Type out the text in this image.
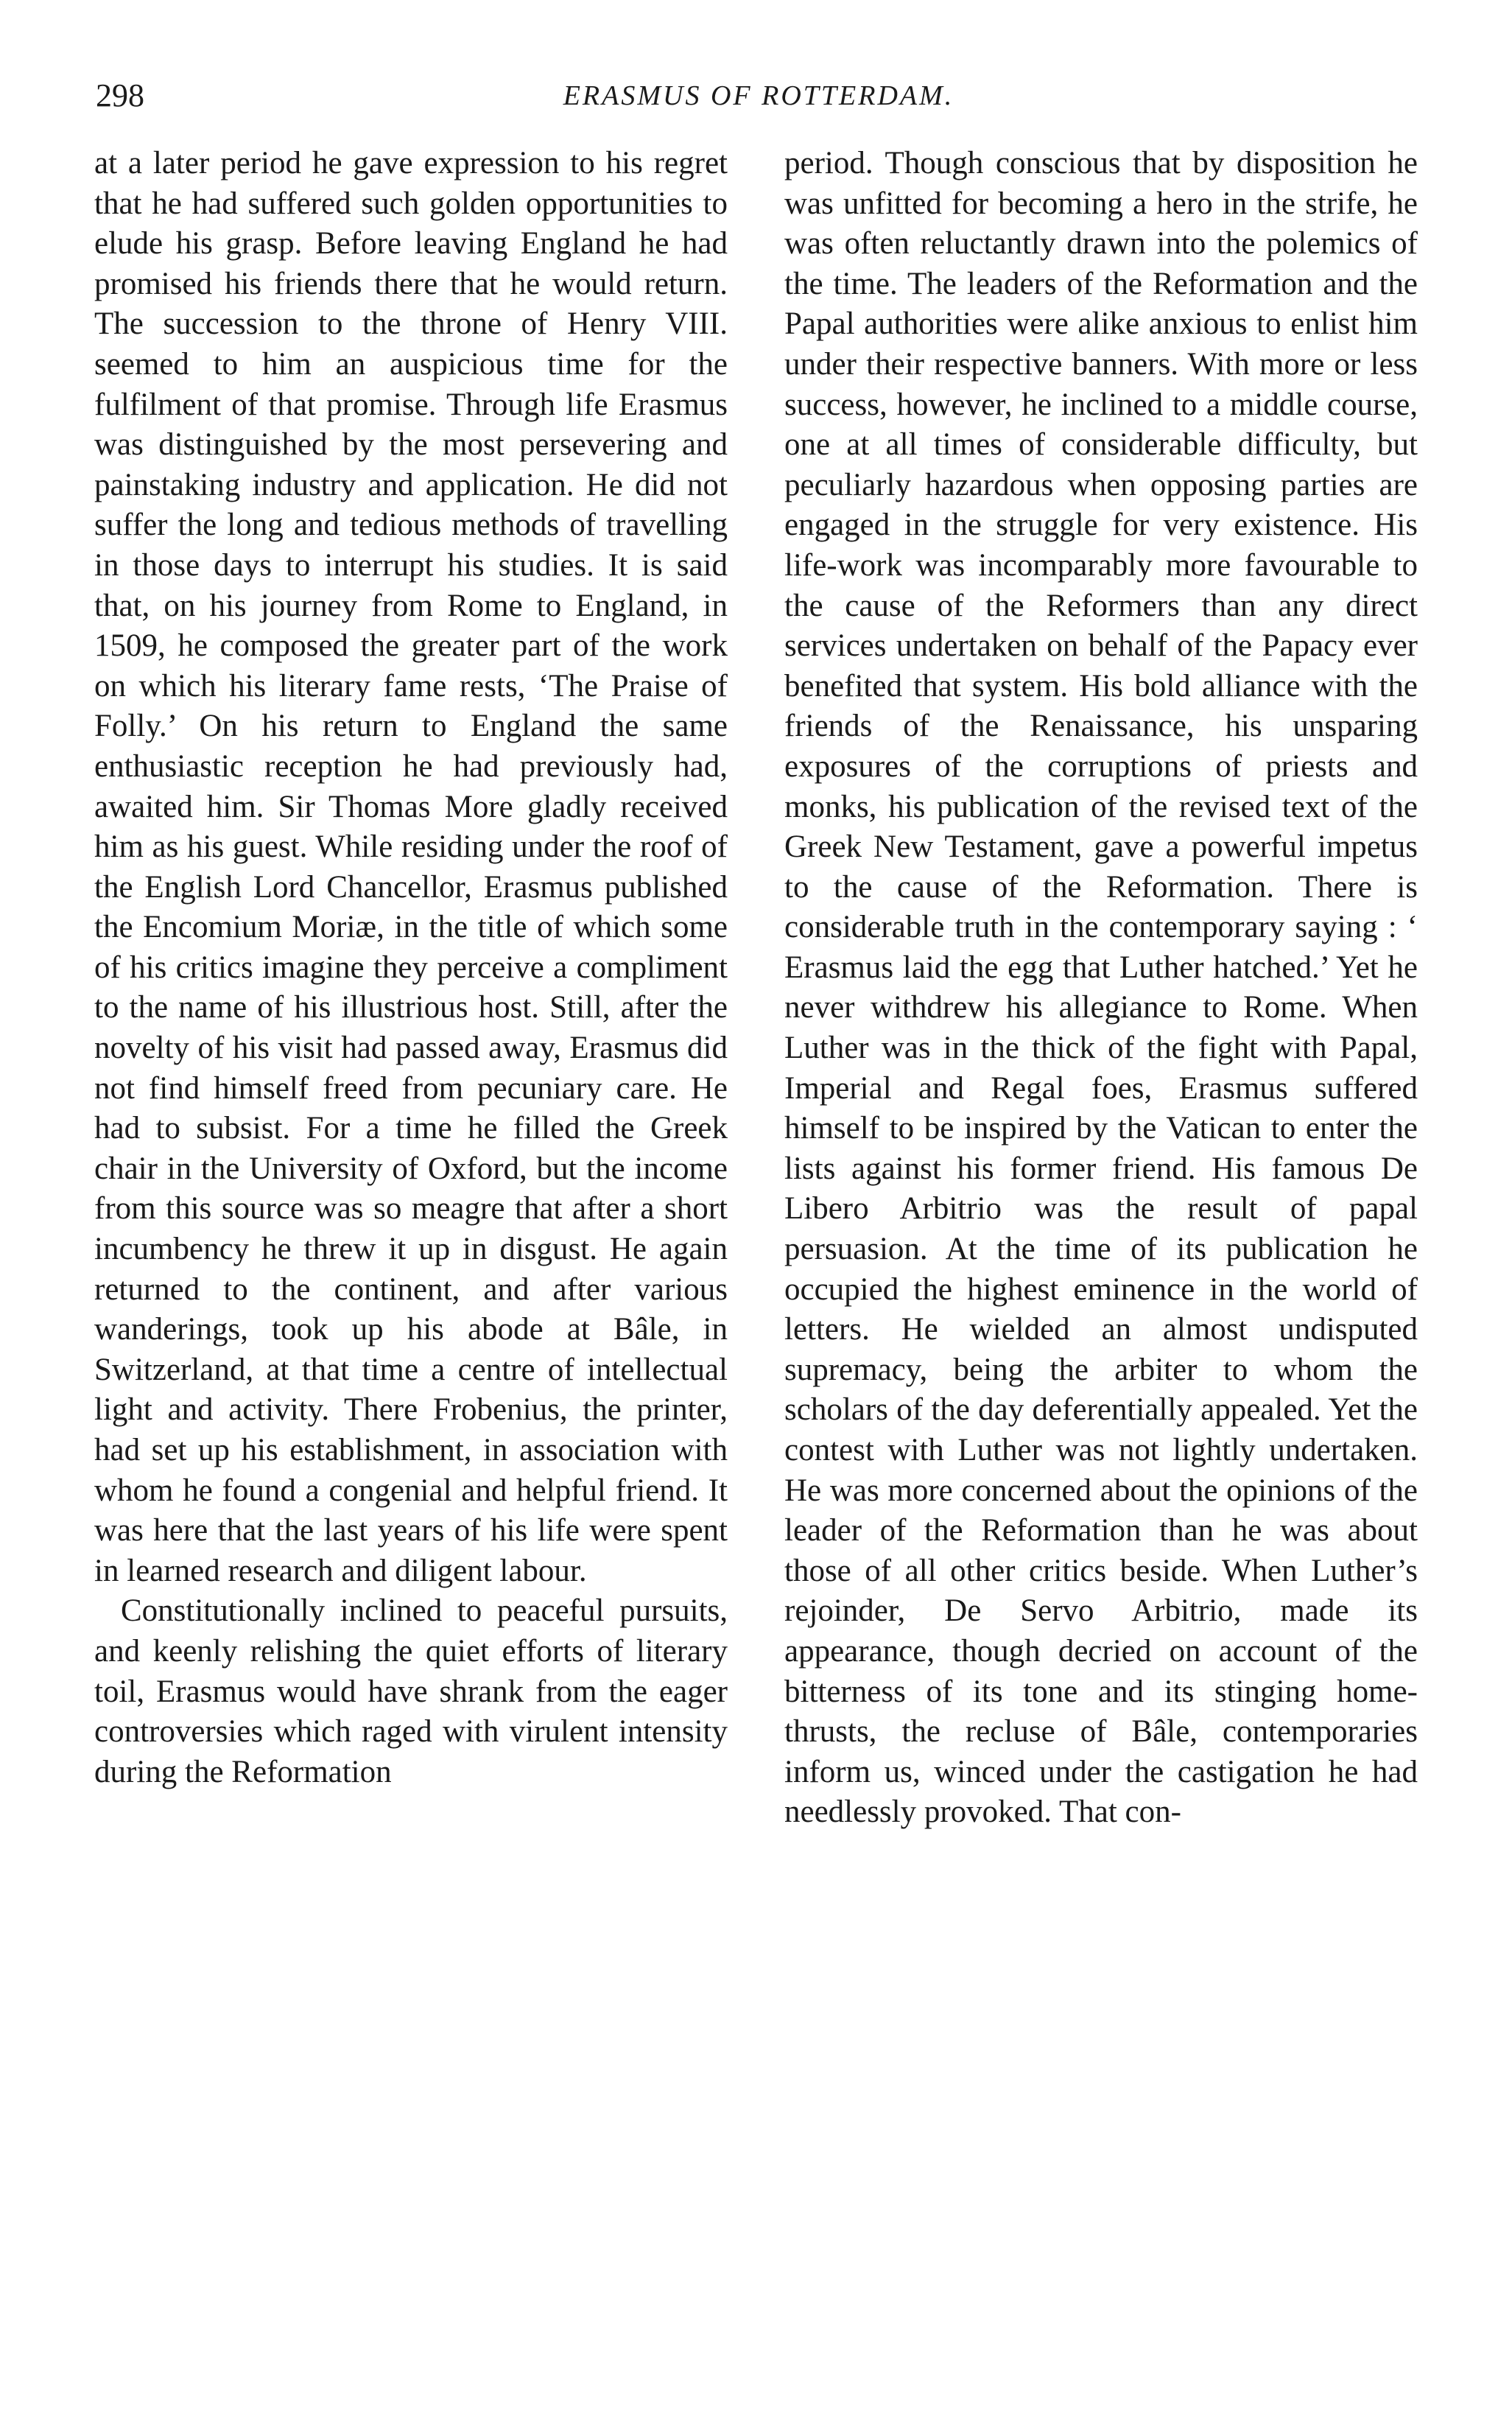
298	ERASMUS OF ROTTERDAM.

at a later period he gave expression to his regret that he had suffered such golden opportunities to elude his grasp. Before leaving England he had promised his friends there that he would return. The succession to the throne of Henry VIII. seemed to him an auspicious time for the fulfilment of that promise. Through life Erasmus was distinguished by the most persevering and painstaking industry and application. He did not suffer the long and tedious methods of travelling in those days to interrupt his studies. It is said that, on his journey from Rome to England, in 1509, he composed the greater part of the work on which his literary fame rests, ‘The Praise of Folly.’ On his return to England the same enthusiastic reception he had previously had, awaited him. Sir Thomas More gladly received him as his guest. While residing under the roof of the English Lord Chancellor, Erasmus published the Encomium Moriæ, in the title of which some of his critics imagine they perceive a compliment to the name of his illustrious host. Still, after the novelty of his visit had passed away, Erasmus did not find himself freed from pecuniary care. He had to subsist. For a time he filled the Greek chair in the University of Oxford, but the income from this source was so meagre that after a short incumbency he threw it up in disgust. He again returned to the continent, and after various wanderings, took up his abode at Bâle, in Switzerland, at that time a centre of intellectual light and activity. There Frobenius, the printer, had set up his establishment, in association with whom he found a congenial and helpful friend. It was here that the last years of his life were spent in learned research and diligent labour.

Constitutionally inclined to peaceful pursuits, and keenly relishing the quiet efforts of literary toil, Erasmus would have shrank from the eager controversies which raged with virulent intensity during the Reformation

period. Though conscious that by disposition he was unfitted for becoming a hero in the strife, he was often reluctantly drawn into the polemics of the time. The leaders of the Reformation and the Papal authorities were alike anxious to enlist him under their respective banners. With more or less success, however, he inclined to a middle course, one at all times of considerable difficulty, but peculiarly hazardous when opposing parties are engaged in the struggle for very existence. His life-work was incomparably more favourable to the cause of the Reformers than any direct services undertaken on behalf of the Papacy ever benefited that system. His bold alliance with the friends of the Renaissance, his unsparing exposures of the corruptions of priests and monks, his publication of the revised text of the Greek New Testament, gave a powerful impetus to the cause of the Reformation. There is considerable truth in the contemporary saying : ‘ Erasmus laid the egg that Luther hatched.’ Yet he never withdrew his allegiance to Rome. When Luther was in the thick of the fight with Papal, Imperial and Regal foes, Erasmus suffered himself to be inspired by the Vatican to enter the lists against his former friend. His famous De Libero Arbitrio was the result of papal persuasion. At the time of its publication he occupied the highest eminence in the world of letters. He wielded an almost undisputed supremacy, being the arbiter to whom the scholars of the day deferentially appealed. Yet the contest with Luther was not lightly undertaken. He was more concerned about the opinions of the leader of the Reformation than he was about those of all other critics beside. When Luther’s rejoinder, De Servo Arbitrio, made its appearance, though decried on account of the bitterness of its tone and its stinging home-thrusts, the recluse of Bâle, contemporaries inform us, winced under the castigation he had needlessly provoked. That con-
